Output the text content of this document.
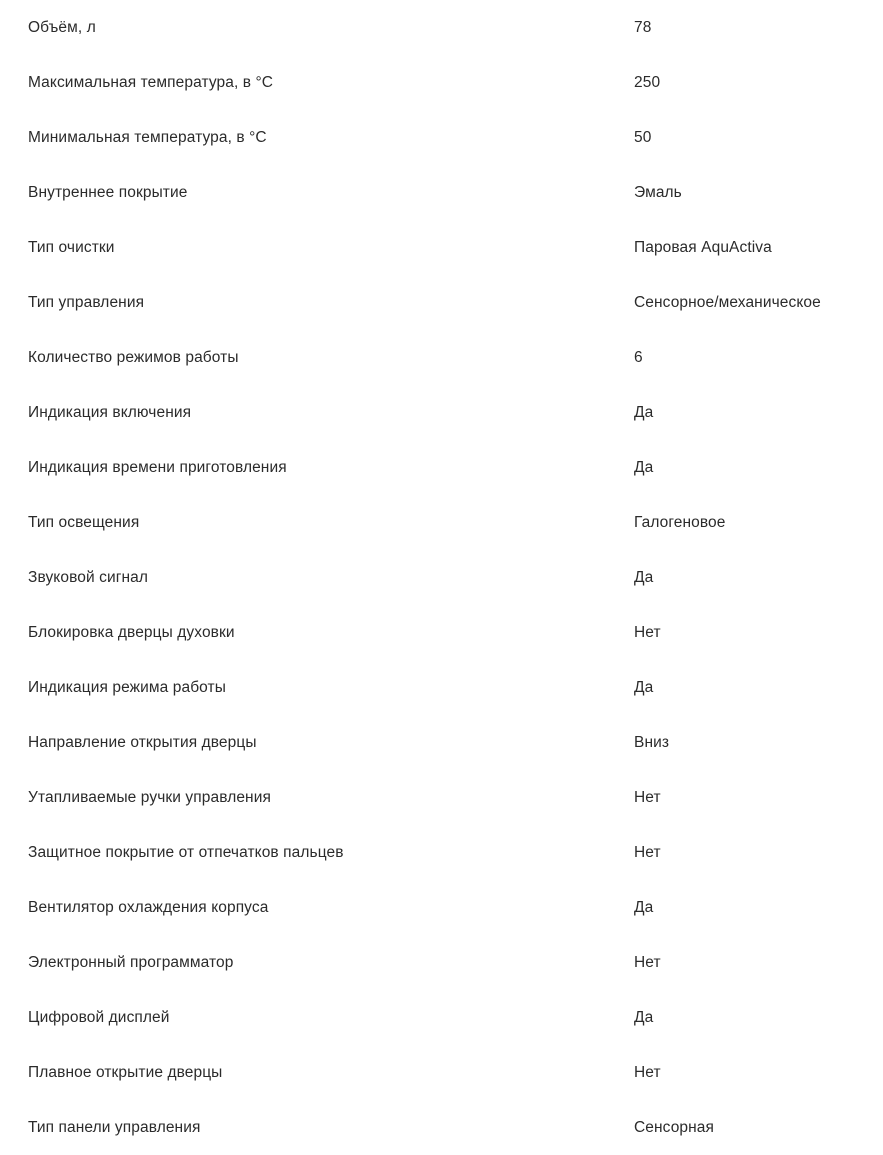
Объём, л	78
Максимальная температура, в °C	250
Минимальная температура, в °C	50
Внутреннее покрытие	Эмаль
Тип очистки	Паровая AquActiva
Тип управления	Сенсорное/механическое
Количество режимов работы	6
Индикация включения	Да
Индикация времени приготовления	Да
Тип освещения	Галогеновое
Звуковой сигнал	Да
Блокировка дверцы духовки	Нет
Индикация режима работы	Да
Направление открытия дверцы	Вниз
Утапливаемые ручки управления	Нет
Защитное покрытие от отпечатков пальцев	Нет
Вентилятор охлаждения корпуса	Да
Электронный программатор	Нет
Цифровой дисплей	Да
Плавное открытие дверцы	Нет
Тип панели управления	Сенсорная
